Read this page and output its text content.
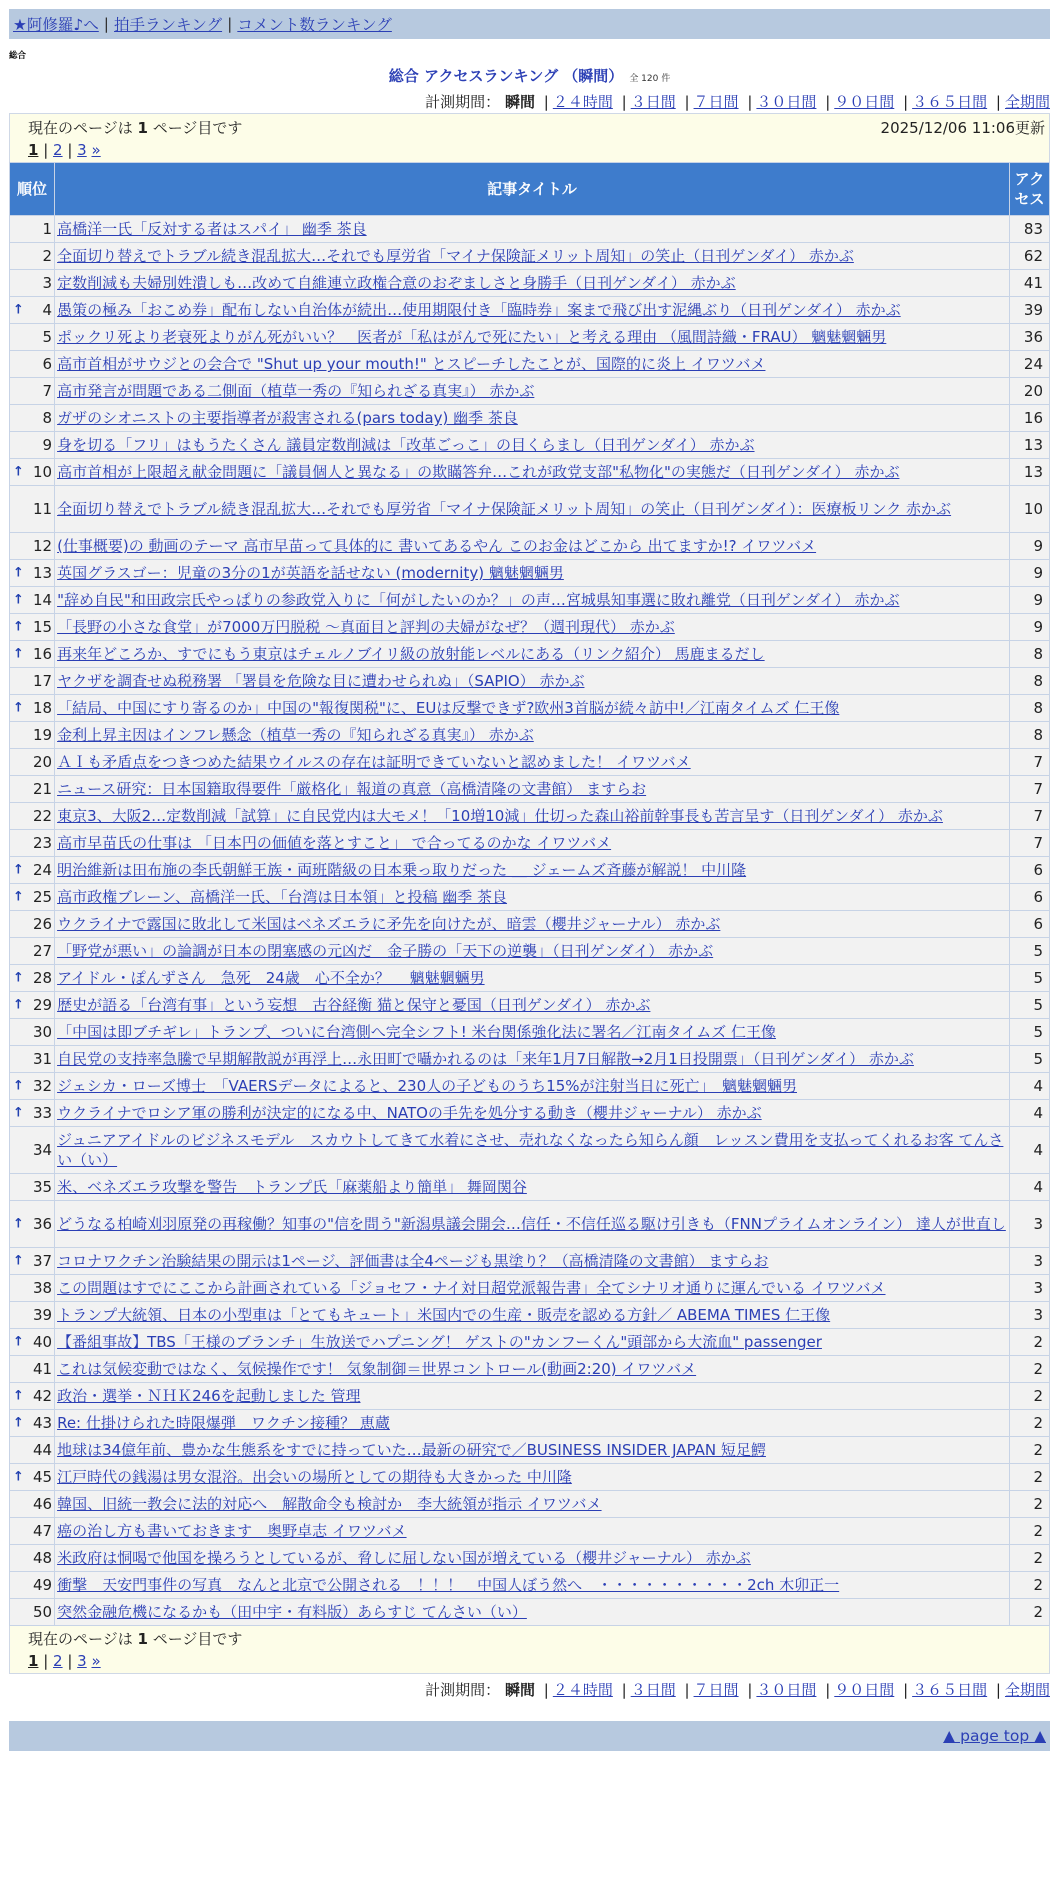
★阿修羅♪へ | 拍手ランキング | コメント数ランキング
総合
総合 アクセスランキング （瞬間） 全 120 件
計測期間： 瞬間 | ２４時間 | ３日間 | ７日間 | ３０日間 | ９０日間 | ３６５日間 | 全期間
現在のページは 1 ページ目です	2025/12/06 11:06更新
1 | 2 | 3 »
順位	記事タイトル	アクセス
1	高橋洋一氏「反対する者はスパイ」 幽季 茶良	83
2	全面切り替えでトラブル続き混乱拡大…それでも厚労省「マイナ保険証メリット周知」の笑止（日刊ゲンダイ） 赤かぶ	62
3	定数削減も夫婦別姓潰しも…改めて自維連立政権合意のおぞましさと身勝手（日刊ゲンダイ） 赤かぶ	41

↑ 4	愚策の極み「おこめ券」配布しない自治体が続出…使用期限付き「臨時券」案まで飛び出す泥縄ぶり（日刊ゲンダイ） 赤かぶ	39
5	ポックリ死より老衰死よりがん死がいい？　医者が「私はがんで死にたい」と考える理由 （風間詩織・FRAU） 魑魅魍魎男	36
6	高市首相がサウジとの会合で "Shut up your mouth!" とスピーチしたことが、国際的に炎上 イワツバメ	24
7	高市発言が問題である二側面（植草一秀の『知られざる真実』） 赤かぶ	20
8	ガザのシオニストの主要指導者が殺害される(pars today) 幽季 茶良	16
9	身を切る「フリ」はもうたくさん 議員定数削減は「改革ごっこ」の目くらまし（日刊ゲンダイ） 赤かぶ	13

↑ 10	高市首相が上限超え献金問題に「議員個人と異なる」の欺瞞答弁…これが政党支部"私物化"の実態だ（日刊ゲンダイ） 赤かぶ	13
11	全面切り替えでトラブル続き混乱拡大…それでも厚労省「マイナ保険証メリット周知」の笑止（日刊ゲンダイ）：医療板リンク 赤かぶ	10
12	(仕事概要)の 動画のテーマ 高市早苗って具体的に 書いてあるやん このお金はどこから 出てますか!? イワツバメ	9

↑ 13	英国グラスゴー：児童の3分の1が英語を話せない (modernity) 魑魅魍魎男	9

↑ 14	"辞め自民"和田政宗氏やっぱりの参政党入りに「何がしたいのか？」の声…宮城県知事選に敗れ離党（日刊ゲンダイ） 赤かぶ	9

↑ 15	「長野の小さな食堂」が7000万円脱税 ～真面目と評判の夫婦がなぜ？（週刊現代） 赤かぶ	9

↑ 16	再来年どころか、すでにもう東京はチェルノブイリ級の放射能レベルにある（リンク紹介） 馬鹿まるだし	8
17	ヤクザを調査せぬ税務署 「署員を危険な目に遭わせられぬ」（SAPIO） 赤かぶ	8

↑ 18	「結局、中国にすり寄るのか」中国の"報復関税"に、EUは反撃できず?欧州3首脳が続々訪中!／江南タイムズ 仁王像	8
19	金利上昇主因はインフレ懸念（植草一秀の『知られざる真実』） 赤かぶ	8
20	ＡＩも矛盾点をつきつめた結果ウイルスの存在は証明できていないと認めました！ イワツバメ	7
21	ニュース研究：日本国籍取得要件「厳格化」報道の真意（高橋清隆の文書館） ますらお	7
22	東京3、大阪2…定数削減「試算」に自民党内は大モメ！「10増10減」仕切った森山裕前幹事長も苦言呈す（日刊ゲンダイ） 赤かぶ	7
23	高市早苗氏の仕事は 「日本円の価値を落とすこと」 で合ってるのかな イワツバメ	7

↑ 24	明治維新は田布施の李氏朝鮮王族・両班階級の日本乗っ取りだった ＿ ジェームズ斉藤が解説！ 中川隆	6

↑ 25	高市政権ブレーン、高橋洋一氏、「台湾は日本領」と投稿 幽季 茶良	6
26	ウクライナで露国に敗北して米国はベネズエラに矛先を向けたが、暗雲（櫻井ジャーナル） 赤かぶ	6
27	「野党が悪い」の論調が日本の閉塞感の元凶だ　金子勝の「天下の逆襲」（日刊ゲンダイ） 赤かぶ	5

↑ 28	アイドル・ぽんずさん　急死　24歳　心不全か？　 魑魅魍魎男	5

↑ 29	歴史が語る「台湾有事」という妄想　古谷経衡 猫と保守と憂国（日刊ゲンダイ） 赤かぶ	5
30	「中国は即ブチギレ」トランプ、ついに台湾側へ完全シフト! 米台関係強化法に署名／江南タイムズ 仁王像	5
31	自民党の支持率急騰で早期解散説が再浮上…永田町で囁かれるのは「来年1月7日解散→2月1日投開票」（日刊ゲンダイ） 赤かぶ	5

↑ 32	ジェシカ・ローズ博士　「VAERSデータによると、230人の子どものうち15%が注射当日に死亡」　魑魅魍魎男	4

↑ 33	ウクライナでロシア軍の勝利が決定的になる中、NATOの手先を処分する動き（櫻井ジャーナル） 赤かぶ	4
34	ジュニアアイドルのビジネスモデル　スカウトしてきて水着にさせ、売れなくなったら知らん顔　レッスン費用を支払ってくれるお客 てんさい（い）	4
35	米、ベネズエラ攻撃を警告　トランプ氏「麻薬船より簡単」 舞岡関谷	4

↑ 36	どうなる柏崎刈羽原発の再稼働？知事の"信を問う"新潟県議会開会…信任・不信任巡る駆け引きも（FNNプライムオンライン） 達人が世直し	3

↑ 37	コロナワクチン治験結果の開示は1ページ、評価書は全4ページも黒塗り？（高橋清隆の文書館） ますらお	3
38	この問題はすでにここから計画されている「ジョセフ・ナイ対日超党派報告書」全てシナリオ通りに運んでいる イワツバメ	3
39	トランプ大統領、日本の小型車は「とてもキュート」米国内での生産・販売を認める方針／ ABEMA TIMES 仁王像	3

↑ 40	【番組事故】TBS「王様のブランチ」生放送でハプニング！ ゲストの"カンフーくん"頭部から大流血" passenger	2
41	これは気候変動ではなく、気候操作です！ 気象制御＝世界コントロール(動画2:20) イワツバメ	2

↑ 42	政治・選挙・ＮＨＫ246を起動しました 管理	2

↑ 43	Re: 仕掛けられた時限爆弾　ワクチン接種？ 恵蔵	2
44	地球は34億年前、豊かな生態系をすでに持っていた…最新の研究で／BUSINESS INSIDER JAPAN 短足鰐	2

↑ 45	江戸時代の銭湯は男女混浴。出会いの場所としての期待も大きかった 中川隆	2
46	韓国、旧統一教会に法的対応へ　解散命令も検討か　李大統領が指示 イワツバメ	2
47	癌の治し方も書いておきます　奥野卓志 イワツバメ	2
48	米政府は恫喝で他国を操ろうとしているが、脅しに屈しない国が増えている（櫻井ジャーナル） 赤かぶ	2
49	衝撃　天安門事件の写真　なんと北京で公開される　！！！　中国人ぼう然へ　・・・・・・・・・・2ch 木卯正一	2
50	突然金融危機になるかも（田中宇・有料版）あらすじ てんさい（い）	2
現在のページは 1 ページ目です
1 | 2 | 3 »
計測期間： 瞬間 | ２４時間 | ３日間 | ７日間 | ３０日間 | ９０日間 | ３６５日間 | 全期間
▲ page top ▲
